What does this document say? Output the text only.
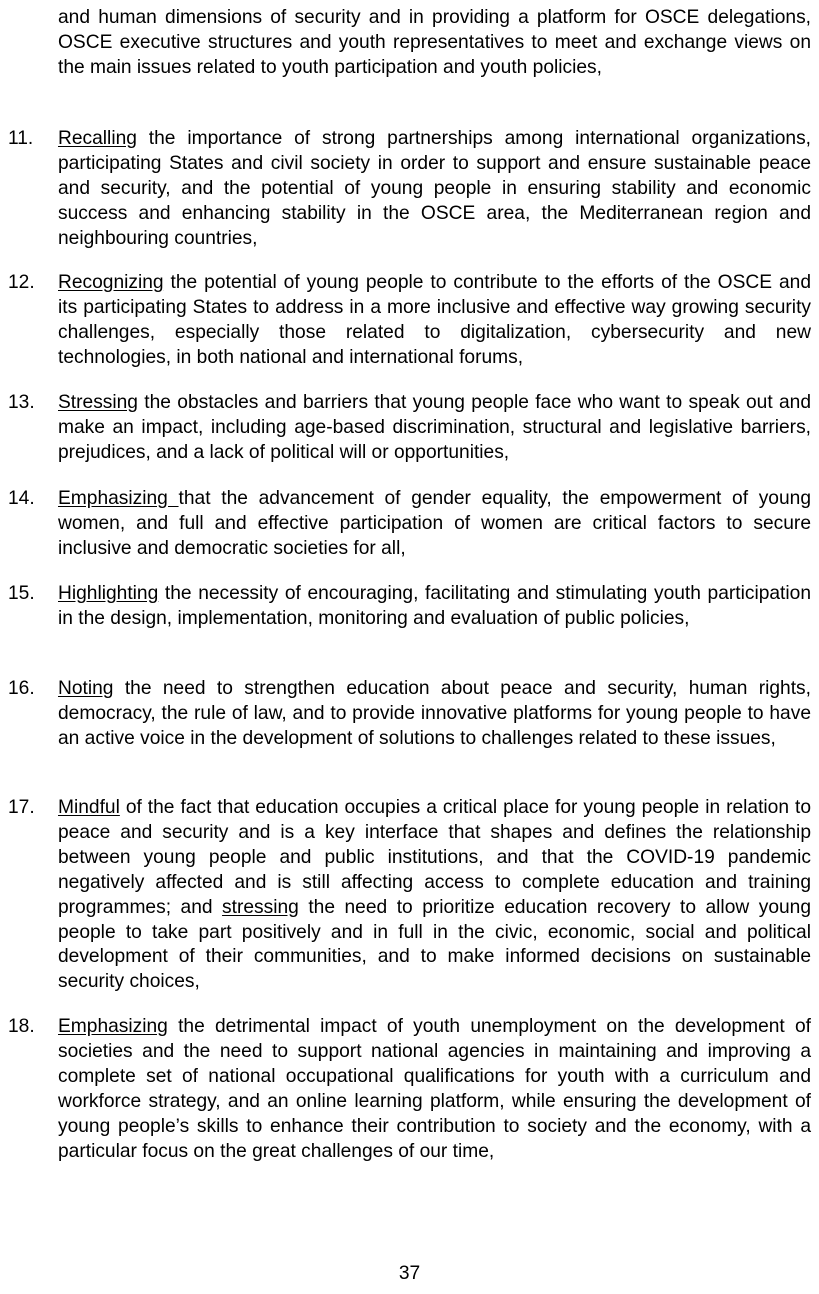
and human dimensions of security and in providing a platform for OSCE delegations, OSCE executive structures and youth representatives to meet and exchange views on the main issues related to youth participation and youth policies,
11. Recalling the importance of strong partnerships among international organizations, participating States and civil society in order to support and ensure sustainable peace and security, and the potential of young people in ensuring stability and economic success and enhancing stability in the OSCE area, the Mediterranean region and neighbouring countries,
12. Recognizing the potential of young people to contribute to the efforts of the OSCE and its participating States to address in a more inclusive and effective way growing security challenges, especially those related to digitalization, cybersecurity and new technologies, in both national and international forums,
13. Stressing the obstacles and barriers that young people face who want to speak out and make an impact, including age-based discrimination, structural and legislative barriers, prejudices, and a lack of political will or opportunities,
14. Emphasizing that the advancement of gender equality, the empowerment of young women, and full and effective participation of women are critical factors to secure inclusive and democratic societies for all,
15. Highlighting the necessity of encouraging, facilitating and stimulating youth participation in the design, implementation, monitoring and evaluation of public policies,
16. Noting the need to strengthen education about peace and security, human rights, democracy, the rule of law, and to provide innovative platforms for young people to have an active voice in the development of solutions to challenges related to these issues,
17. Mindful of the fact that education occupies a critical place for young people in relation to peace and security and is a key interface that shapes and defines the relationship between young people and public institutions, and that the COVID-19 pandemic negatively affected and is still affecting access to complete education and training programmes; and stressing the need to prioritize education recovery to allow young people to take part positively and in full in the civic, economic, social and political development of their communities, and to make informed decisions on sustainable security choices,
18. Emphasizing the detrimental impact of youth unemployment on the development of societies and the need to support national agencies in maintaining and improving a complete set of national occupational qualifications for youth with a curriculum and workforce strategy, and an online learning platform, while ensuring the development of young people’s skills to enhance their contribution to society and the economy, with a particular focus on the great challenges of our time,
37
